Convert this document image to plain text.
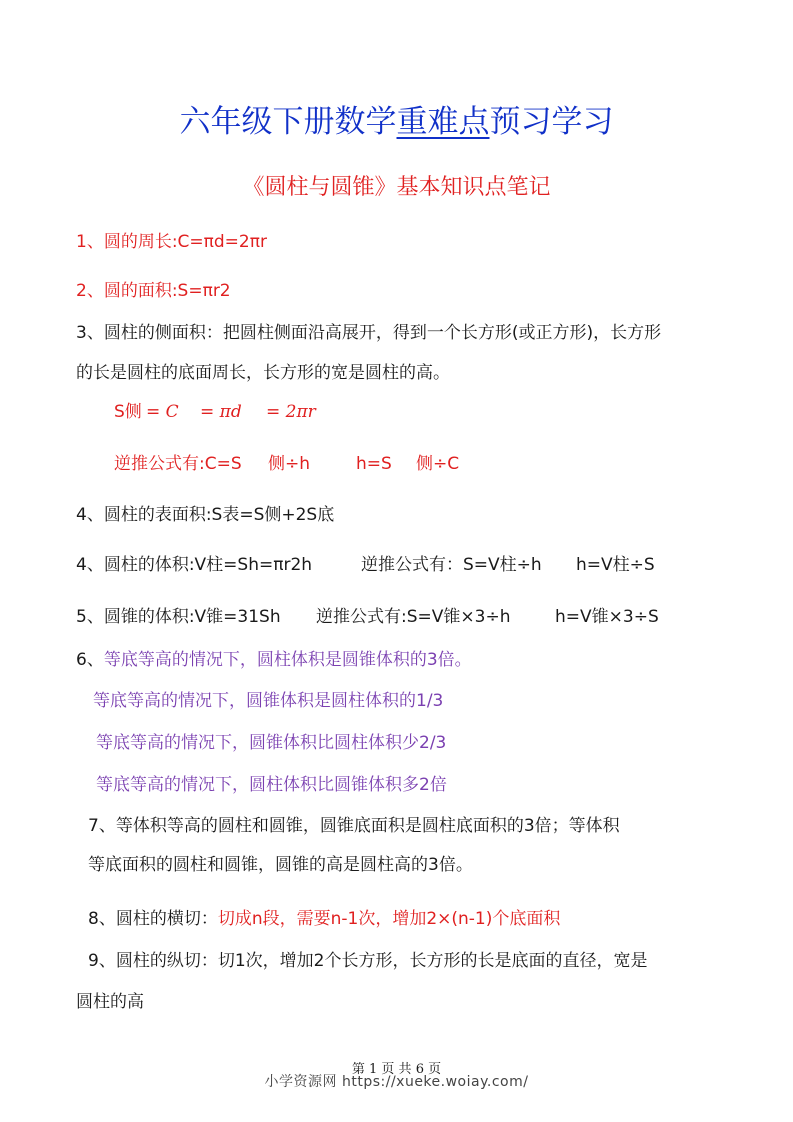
六年级下册数学重难点预习学习
《圆柱与圆锥》基本知识点笔记
1、圆的周长:C=πd=2πr
2、圆的面积:S=πr2
3、圆柱的侧面积：把圆柱侧面沿高展开，得到一个长方形(或正方形)，长方形
的长是圆柱的底面周长，长方形的宽是圆柱的高。
S侧 = C = πd = 2πr
逆推公式有:C=S 侧÷h	h=S 侧÷C
4、圆柱的表面积:S表=S侧+2S底
4、圆柱的体积:V柱=Sh=πr2h	逆推公式有：S=V柱÷h h=V柱÷S
5、圆锥的体积:V锥=31Sh 逆推公式有:S=V锥×3÷h	h=V锥×3÷S
6、等底等高的情况下，圆柱体积是圆锥体积的3倍。
等底等高的情况下，圆锥体积是圆柱体积的1/3
等底等高的情况下，圆锥体积比圆柱体积少2/3
等底等高的情况下，圆柱体积比圆锥体积多2倍
7、等体积等高的圆柱和圆锥，圆锥底面积是圆柱底面积的3倍；等体积
等底面积的圆柱和圆锥，圆锥的高是圆柱高的3倍。
8、圆柱的横切：切成n段，需要n-1次，增加2×(n-1)个底面积
9、圆柱的纵切：切1次，增加2个长方形，长方形的长是底面的直径，宽是
圆柱的高
第 1 页 共 6 页
小学资源网 https://xueke.woiay.com/
